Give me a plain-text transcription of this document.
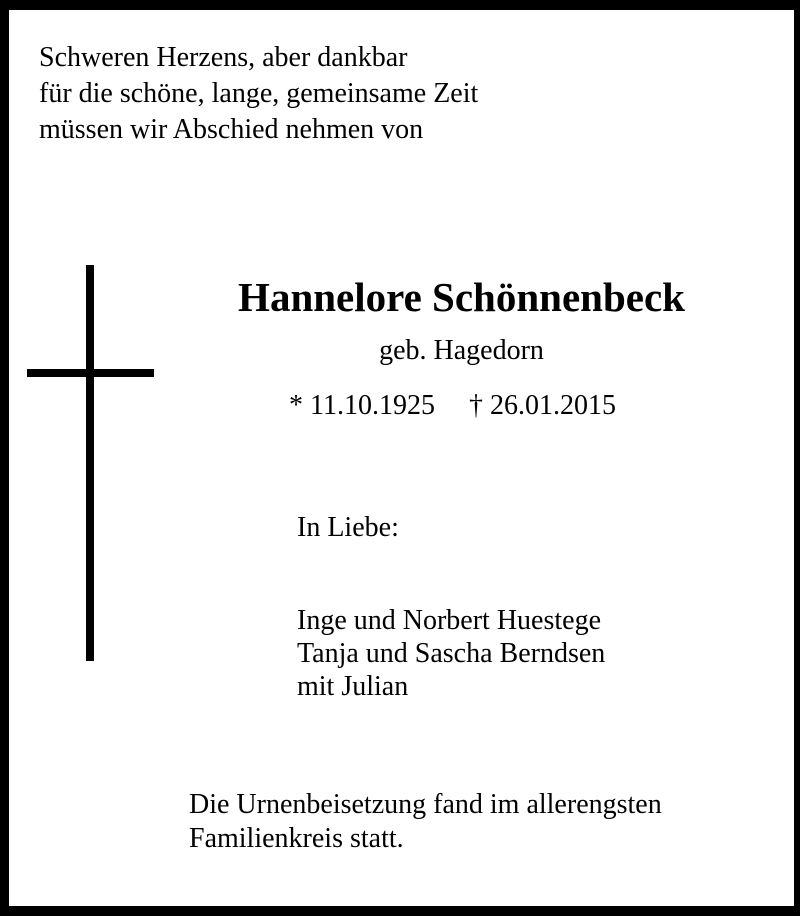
Schweren Herzens, aber dankbar
für die schöne, lange, gemeinsame Zeit
müssen wir Abschied nehmen von

Hannelore Schönnenbeck

geb. Hagedorn

* 11.10.1925 † 26.01.2015

In Liebe:

Inge und Norbert Huestege
Tanja und Sascha Berndsen
mit Julian

Die Urnenbeisetzung fand im allerengsten
Familienkreis statt.
